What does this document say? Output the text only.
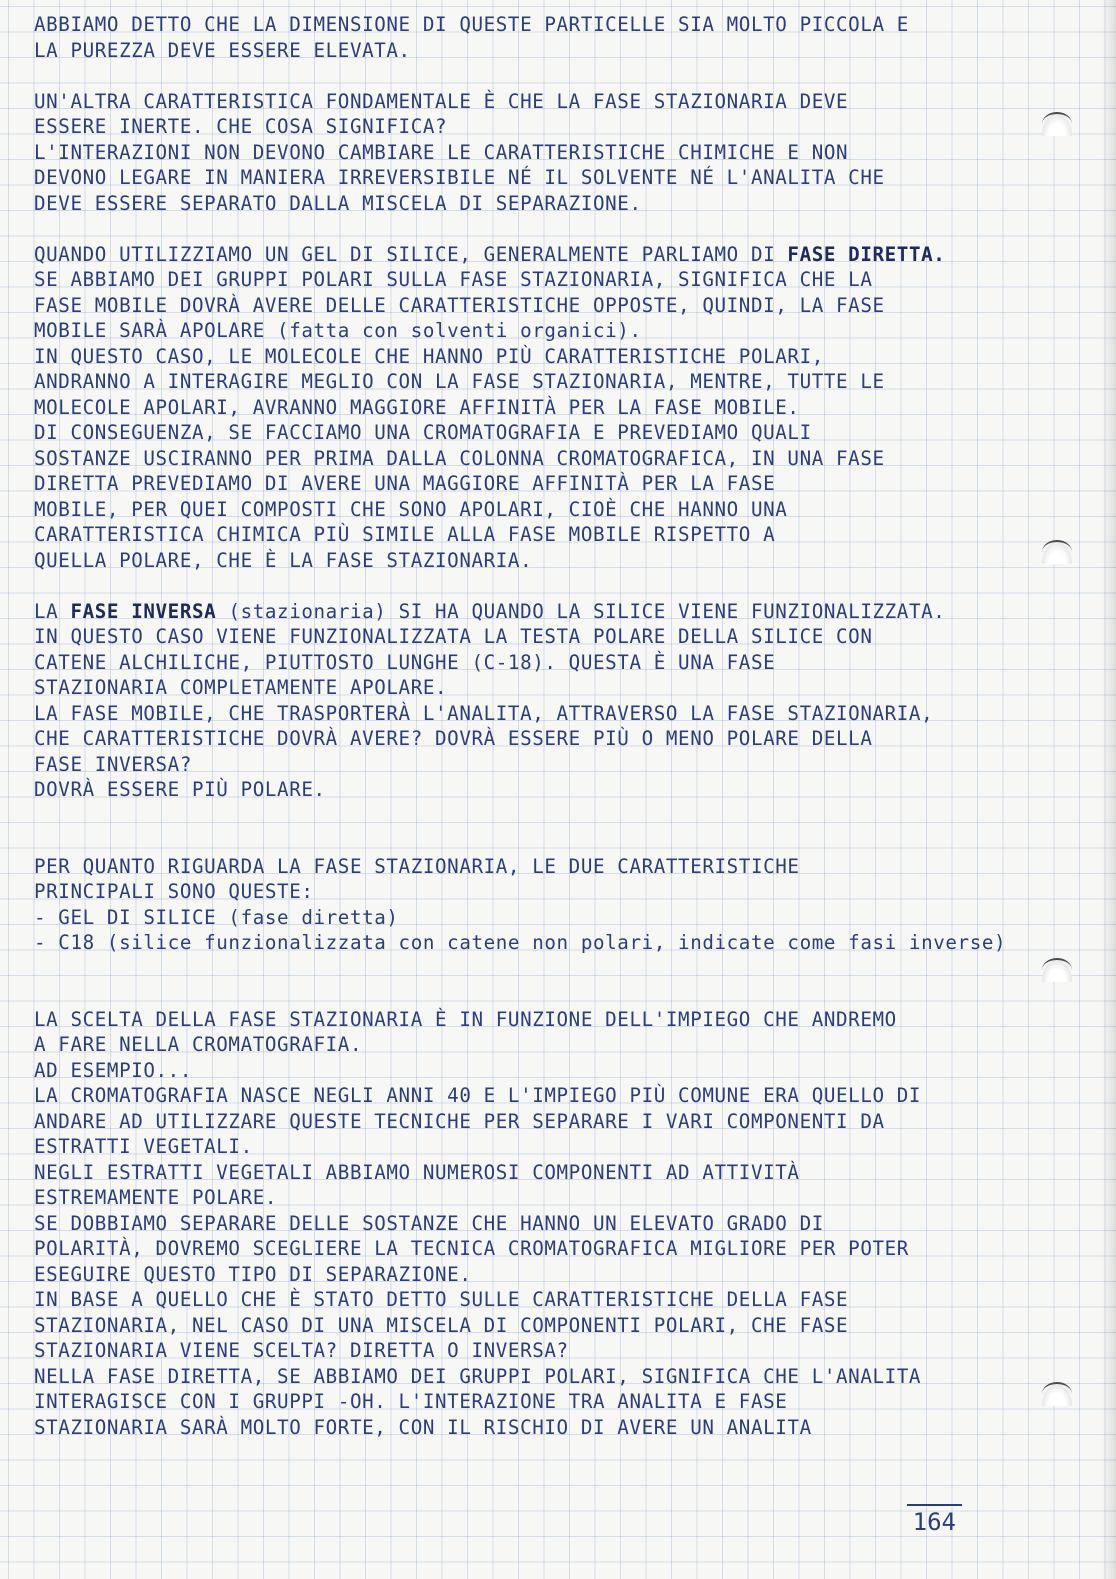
ABBIAMO DETTO CHE LA DIMENSIONE DI QUESTE PARTICELLE SIA MOLTO PICCOLA E
LA PUREZZA DEVE ESSERE ELEVATA.
UN'ALTRA CARATTERISTICA FONDAMENTALE È CHE LA FASE STAZIONARIA DEVE
ESSERE INERTE. CHE COSA SIGNIFICA?
L'INTERAZIONI NON DEVONO CAMBIARE LE CARATTERISTICHE CHIMICHE E NON
DEVONO LEGARE IN MANIERA IRREVERSIBILE NÉ IL SOLVENTE NÉ L'ANALITA CHE
DEVE ESSERE SEPARATO DALLA MISCELA DI SEPARAZIONE.
QUANDO UTILIZZIAMO UN GEL DI SILICE, GENERALMENTE PARLIAMO DI FASE DIRETTA.
SE ABBIAMO DEI GRUPPI POLARI SULLA FASE STAZIONARIA, SIGNIFICA CHE LA
FASE MOBILE DOVRÀ AVERE DELLE CARATTERISTICHE OPPOSTE, QUINDI, LA FASE
MOBILE SARÀ APOLARE (fatta con solventi organici).
IN QUESTO CASO, LE MOLECOLE CHE HANNO PIÙ CARATTERISTICHE POLARI,
ANDRANNO A INTERAGIRE MEGLIO CON LA FASE STAZIONARIA, MENTRE, TUTTE LE
MOLECOLE APOLARI, AVRANNO MAGGIORE AFFINITÀ PER LA FASE MOBILE.
DI CONSEGUENZA, SE FACCIAMO UNA CROMATOGRAFIA E PREVEDIAMO QUALI
SOSTANZE USCIRANNO PER PRIMA DALLA COLONNA CROMATOGRAFICA, IN UNA FASE
DIRETTA PREVEDIAMO DI AVERE UNA MAGGIORE AFFINITÀ PER LA FASE
MOBILE, PER QUEI COMPOSTI CHE SONO APOLARI, CIOÈ CHE HANNO UNA
CARATTERISTICA CHIMICA PIÙ SIMILE ALLA FASE MOBILE RISPETTO A
QUELLA POLARE, CHE È LA FASE STAZIONARIA.
LA FASE INVERSA (stazionaria) SI HA QUANDO LA SILICE VIENE FUNZIONALIZZATA.
IN QUESTO CASO VIENE FUNZIONALIZZATA LA TESTA POLARE DELLA SILICE CON
CATENE ALCHILICHE, PIUTTOSTO LUNGHE (C-18). QUESTA È UNA FASE
STAZIONARIA COMPLETAMENTE APOLARE.
LA FASE MOBILE, CHE TRASPORTERÀ L'ANALITA, ATTRAVERSO LA FASE STAZIONARIA,
CHE CARATTERISTICHE DOVRÀ AVERE? DOVRÀ ESSERE PIÙ O MENO POLARE DELLA
FASE INVERSA?
DOVRÀ ESSERE PIÙ POLARE.
PER QUANTO RIGUARDA LA FASE STAZIONARIA, LE DUE CARATTERISTICHE
PRINCIPALI SONO QUESTE:
- GEL DI SILICE (fase diretta)
- C18 (silice funzionalizzata con catene non polari, indicate come fasi inverse)
LA SCELTA DELLA FASE STAZIONARIA È IN FUNZIONE DELL'IMPIEGO CHE ANDREMO
A FARE NELLA CROMATOGRAFIA.
AD ESEMPIO...
LA CROMATOGRAFIA NASCE NEGLI ANNI 40 E L'IMPIEGO PIÙ COMUNE ERA QUELLO DI
ANDARE AD UTILIZZARE QUESTE TECNICHE PER SEPARARE I VARI COMPONENTI DA
ESTRATTI VEGETALI.
NEGLI ESTRATTI VEGETALI ABBIAMO NUMEROSI COMPONENTI AD ATTIVITÀ
ESTREMAMENTE POLARE.
SE DOBBIAMO SEPARARE DELLE SOSTANZE CHE HANNO UN ELEVATO GRADO DI
POLARITÀ, DOVREMO SCEGLIERE LA TECNICA CROMATOGRAFICA MIGLIORE PER POTER
ESEGUIRE QUESTO TIPO DI SEPARAZIONE.
IN BASE A QUELLO CHE È STATO DETTO SULLE CARATTERISTICHE DELLA FASE
STAZIONARIA, NEL CASO DI UNA MISCELA DI COMPONENTI POLARI, CHE FASE
STAZIONARIA VIENE SCELTA? DIRETTA O INVERSA?
NELLA FASE DIRETTA, SE ABBIAMO DEI GRUPPI POLARI, SIGNIFICA CHE L'ANALITA
INTERAGISCE CON I GRUPPI -OH. L'INTERAZIONE TRA ANALITA E FASE
STAZIONARIA SARÀ MOLTO FORTE, CON IL RISCHIO DI AVERE UN ANALITA
164
